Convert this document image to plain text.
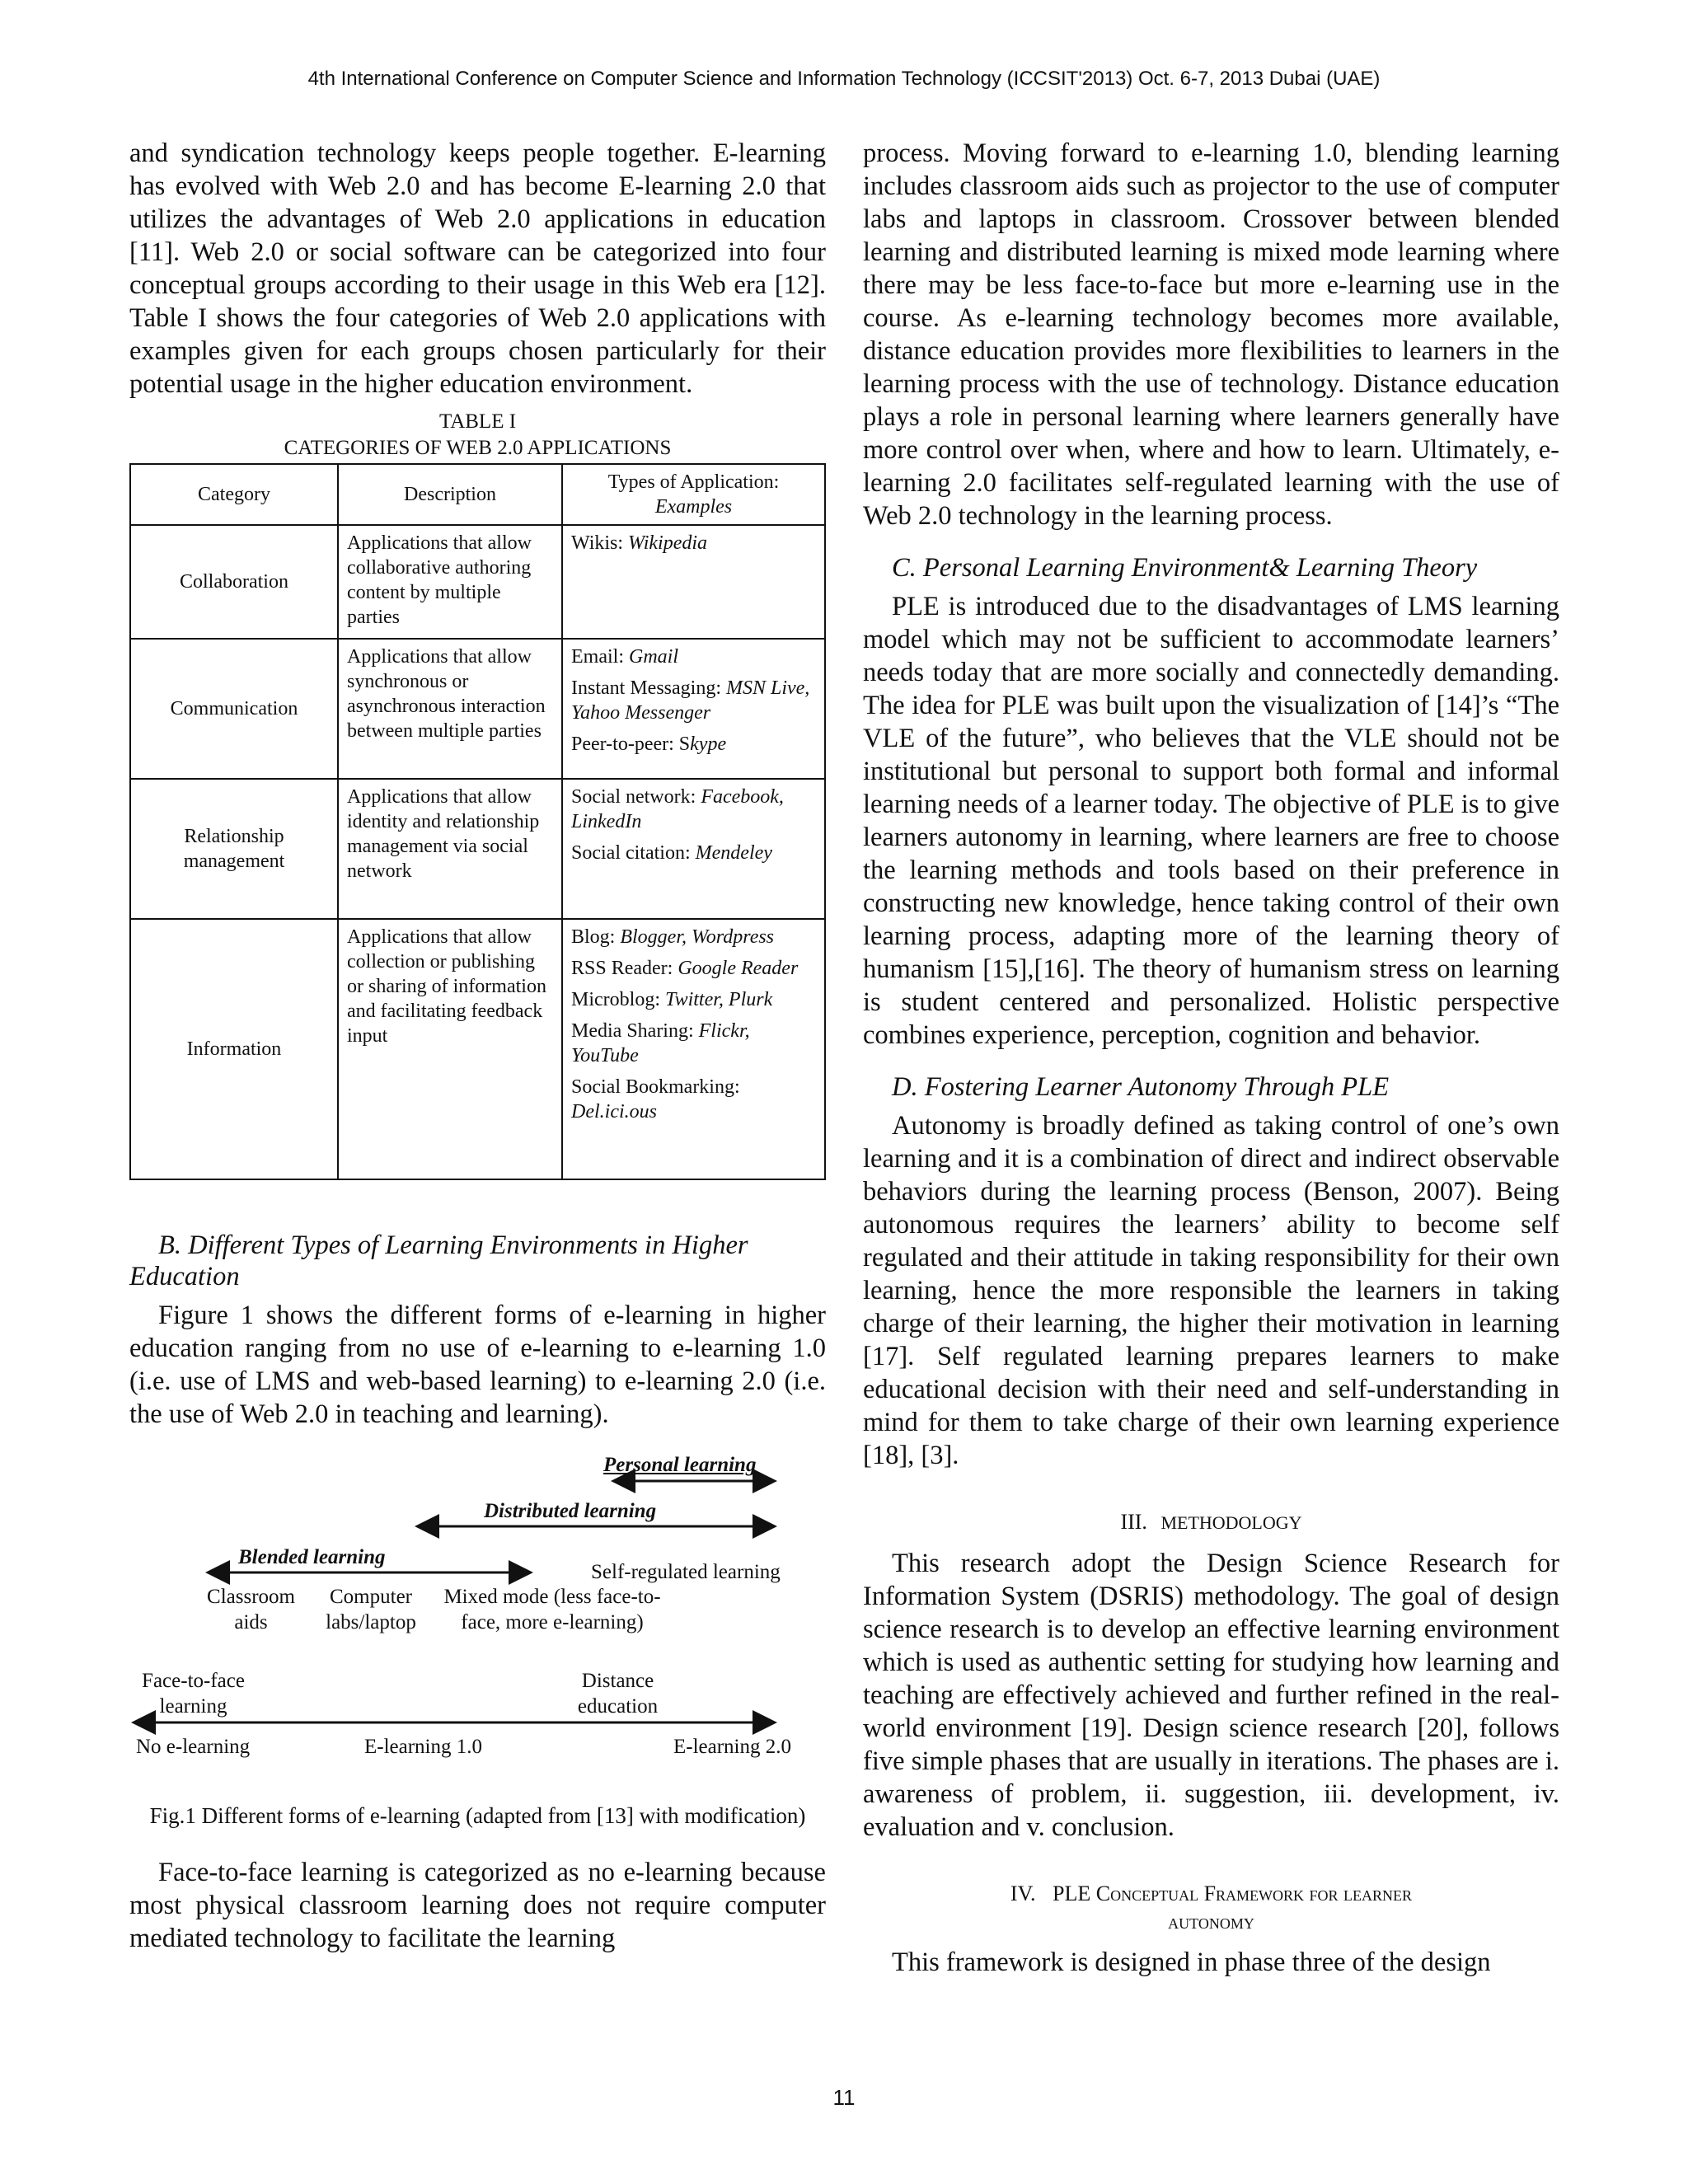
4th International Conference on Computer Science and Information Technology (ICCSIT'2013) Oct. 6-7, 2013 Dubai (UAE)

and syndication technology keeps people together. E-learning has evolved with Web 2.0 and has become E-learning 2.0 that utilizes the advantages of Web 2.0 applications in education [11]. Web 2.0 or social software can be categorized into four conceptual groups according to their usage in this Web era [12]. Table I shows the four categories of Web 2.0 applications with examples given for each groups chosen particularly for their potential usage in the higher education environment.

TABLE I
CATEGORIES OF WEB 2.0 APPLICATIONS
Category	Description	Types of Application:
Examples
Collaboration	Applications that allow collaborative authoring content by multiple parties	Wikis: Wikipedia

Communication	Applications that allow synchronous or asynchronous interaction between multiple parties	Email: Gmail
Instant Messaging: MSN Live, Yahoo Messenger
Peer-to-peer: Skype

Relationship management	Applications that allow identity and relationship management via social network	Social network: Facebook, LinkedIn
Social citation: Mendeley

Information	Applications that allow collection or publishing or sharing of information and facilitating feedback input	Blog: Blogger, Wordpress
RSS Reader: Google Reader
Microblog: Twitter, Plurk
Media Sharing: Flickr, YouTube
Social Bookmarking: Del.ici.ous
B. Different Types of Learning Environments in Higher Education

Figure 1 shows the different forms of e-learning in higher education ranging from no use of e-learning to e-learning 1.0 (i.e. use of LMS and web-based learning) to e-learning 2.0 (i.e. the use of Web 2.0 in teaching and learning).

Personal learning
Distributed learning
Blended learning
Self-regulated learning
Classroom aids
Computer labs/laptop
Mixed mode (less face-to-face, more e-learning)
Face-to-face learning
Distance education
No e-learning	E-learning 1.0	E-learning 2.0
Fig.1 Different forms of e-learning (adapted from [13] with modification)

Face-to-face learning is categorized as no e-learning because most physical classroom learning does not require computer mediated technology to facilitate the learning

process. Moving forward to e-learning 1.0, blending learning includes classroom aids such as projector to the use of computer labs and laptops in classroom. Crossover between blended learning and distributed learning is mixed mode learning where there may be less face-to-face but more e-learning use in the course. As e-learning technology becomes more available, distance education provides more flexibilities to learners in the learning process with the use of technology. Distance education plays a role in personal learning where learners generally have more control over when, where and how to learn. Ultimately, e-learning 2.0 facilitates self-regulated learning with the use of Web 2.0 technology in the learning process.

C. Personal Learning Environment& Learning Theory

PLE is introduced due to the disadvantages of LMS learning model which may not be sufficient to accommodate learners’ needs today that are more socially and connectedly demanding. The idea for PLE was built upon the visualization of [14]’s “The VLE of the future”, who believes that the VLE should not be institutional but personal to support both formal and informal learning needs of a learner today. The objective of PLE is to give learners autonomy in learning, where learners are free to choose the learning methods and tools based on their preference in constructing new knowledge, hence taking control of their own learning process, adapting more of the learning theory of humanism [15],[16]. The theory of humanism stress on learning is student centered and personalized. Holistic perspective combines experience, perception, cognition and behavior.

D. Fostering Learner Autonomy Through PLE

Autonomy is broadly defined as taking control of one’s own learning and it is a combination of direct and indirect observable behaviors during the learning process (Benson, 2007). Being autonomous requires the learners’ ability to become self regulated and their attitude in taking responsibility for their own learning, hence the more responsible the learners in taking charge of their learning, the higher their motivation in learning [17]. Self regulated learning prepares learners to make educational decision with their need and self-understanding in mind for them to take charge of their own learning experience [18], [3].

III. METHODOLOGY

This research adopt the Design Science Research for Information System (DSRIS) methodology. The goal of design science research is to develop an effective learning environment which is used as authentic setting for studying how learning and teaching are effectively achieved and further refined in the real-world environment [19]. Design science research [20], follows five simple phases that are usually in iterations. The phases are i. awareness of problem, ii. suggestion, iii. development, iv. evaluation and v. conclusion.

IV. PLE Conceptual Framework for learner
autonomy

This framework is designed in phase three of the design

11
